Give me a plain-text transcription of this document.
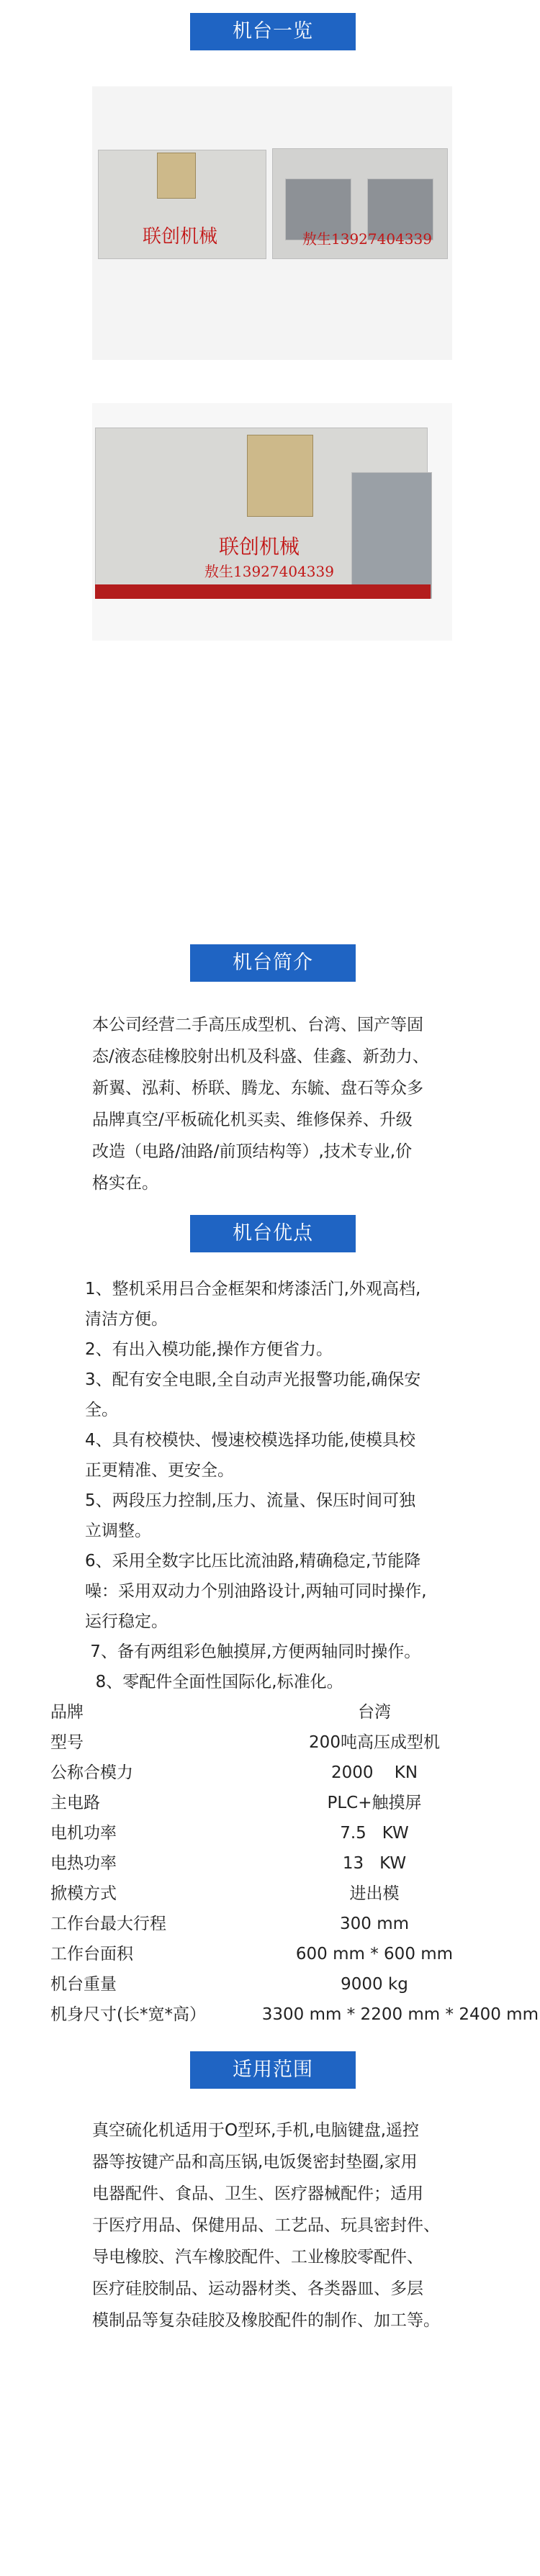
机台一览
联创机械	敖生13927404339
联创机械
敖生13927404339
机台简介
本公司经营二手高压成型机、台湾、国产等固
态/液态硅橡胶射出机及科盛、佳鑫、新劲力、
新翼、泓莉、桥联、腾龙、东毓、盘石等众多
品牌真空/平板硫化机买卖、维修保养、升级
改造（电路/油路/前顶结构等）,技术专业,价
格实在。
机台优点
1、整机采用吕合金框架和烤漆活门,外观高档,
清洁方便。
2、有出入模功能,操作方便省力。
3、配有安全电眼,全自动声光报警功能,确保安
全。
4、具有校模快、慢速校模选择功能,使模具校
正更精准、更安全。
5、两段压力控制,压力、流量、保压时间可独
立调整。
6、采用全数字比压比流油路,精确稳定,节能降
噪：采用双动力个别油路设计,两轴可同时操作,
运行稳定。
7、备有两组彩色触摸屏,方便两轴同时操作。
8、零配件全面性国际化,标准化。
品牌	台湾
型号	200吨高压成型机
公称合模力	2000    KN
主电路	PLC+触摸屏
电机功率	7.5   KW
电热功率	13   KW
掀模方式	进出模
工作台最大行程	300 mm
工作台面积	600 mm * 600 mm
机台重量	9000 kg
机身尺寸(长*宽*高）	3300 mm * 2200 mm * 2400 mm
适用范围
真空硫化机适用于O型环,手机,电脑键盘,遥控
器等按键产品和高压锅,电饭煲密封垫圈,家用
电器配件、食品、卫生、医疗器械配件；适用
于医疗用品、保健用品、工艺品、玩具密封件、
导电橡胶、汽车橡胶配件、工业橡胶零配件、
医疗硅胶制品、运动器材类、各类器皿、多层
模制品等复杂硅胶及橡胶配件的制作、加工等。
